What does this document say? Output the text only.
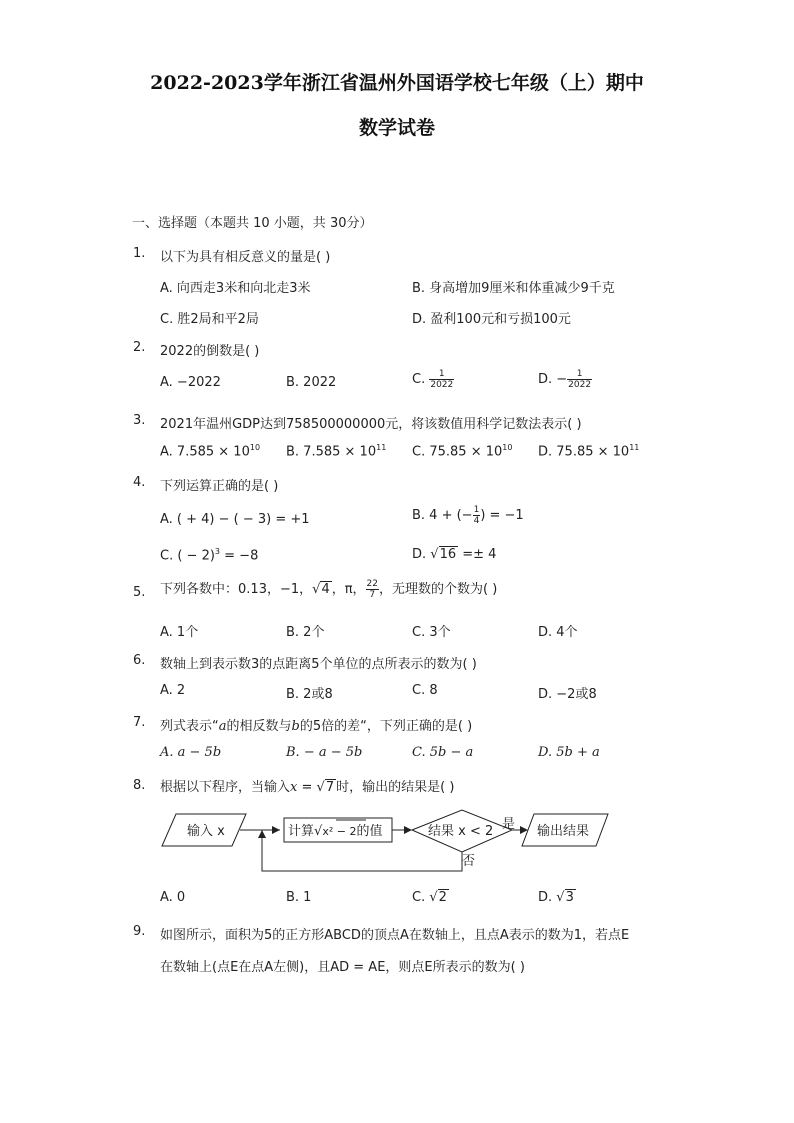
2022-2023学年浙江省温州外国语学校七年级（上）期中
数学试卷
一、选择题（本题共 10 小题，共 30分）
1. 以下为具有相反意义的量是( )
A. 向西走3米和向北走3米	B. 身高增加9厘米和体重减少9千克
C. 胜2局和平2局	D. 盈利100元和亏损100元
2. 2022的倒数是( )
A. −2022	B. 2022	C. $\frac{1}{2022}$	D. − $\frac{1}{2022}$
3. 2021年温州GDP达到758500000000元，将该数值用科学记数法表示( )
A. $7.585 \times 10^{10}$ B. $7.585 \times 10^{11}$ C. $75.85 \times 10^{10}$ D. $75.85 \times 10^{11}$
4. 下列运算正确的是( )
A. ( + 4) − ( − 3) = +1	B. 4 + (− $\frac{1}{4}$ ) = −1
C. ( − 2)$^3$ = −8	D. √16 =± 4
5. 下列各数中：0.13，−1，√4 ，π， $\frac{22}{7}$ ，无理数的个数为( )
A. 1个	B. 2个	C. 3个	D. 4个
6. 数轴上到表示数3的点距离5个单位的点所表示的数为( )
A. 2	B. 2或8	C. 8	D. −2或8
7. 列式表示“a的相反数与b的5倍的差“，下列正确的是( )
A. a − 5b	B. − a − 5b	C. 5b − a	D. 5b + a
8. 根据以下程序，当输入x = √7 时，输出的结果是( )
输入 x	计算√x² − 2的值	结果 x < 2 是 输出结果
否
A. 0	B. 1	C. √2	D. √3
9. 如图所示，面积为5的正方形ABCD的顶点A在数轴上，且点A表示的数为1，若点E
在数轴上(点E在点A左侧)，且AD = AE，则点E所表示的数为( )
